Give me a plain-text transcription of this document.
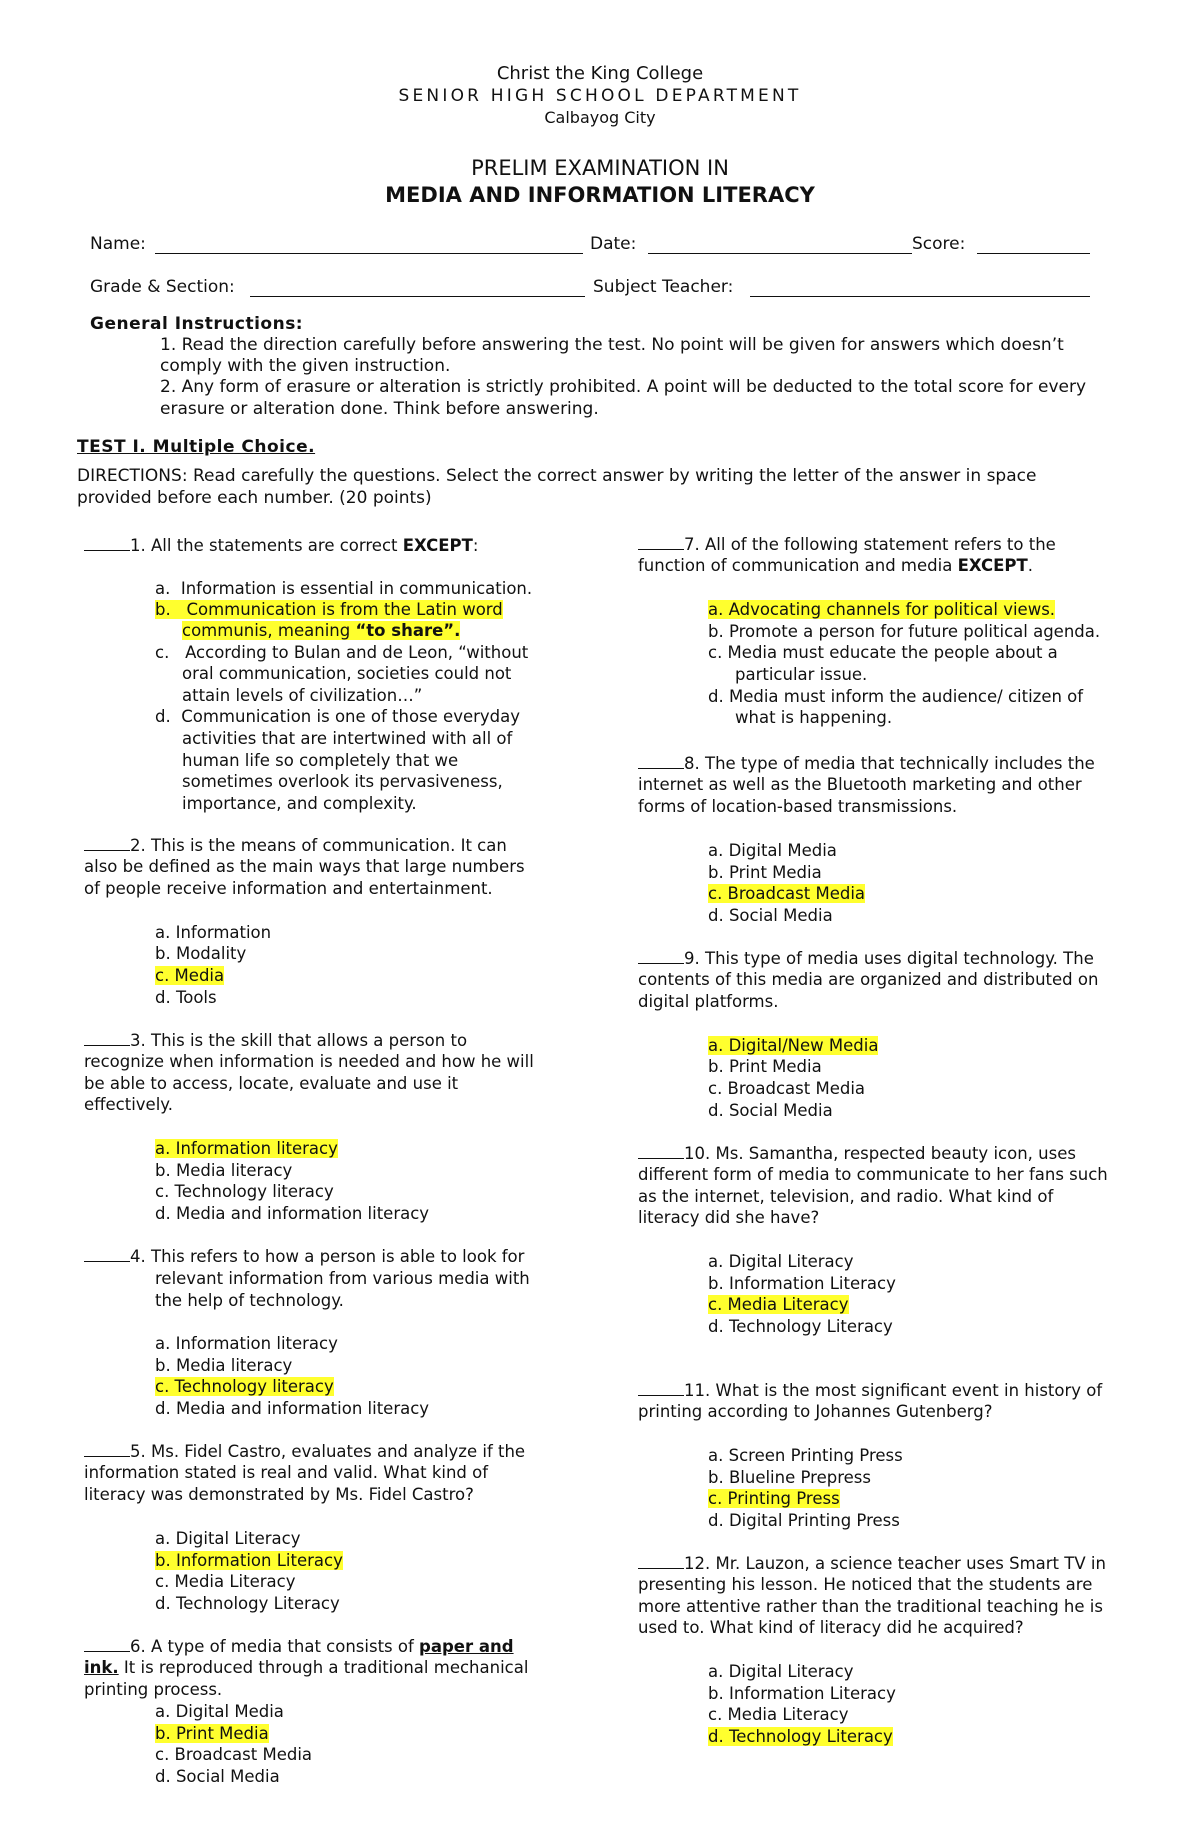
Christ the King College
SENIOR HIGH SCHOOL DEPARTMENT
Calbayog City
PRELIM EXAMINATION IN
MEDIA AND INFORMATION LITERACY
Name:	Date:	Score:
Grade & Section:	Subject Teacher:
General Instructions:
1. Read the direction carefully before answering the test. No point will be given for answers which doesn’t
comply with the given instruction.
2. Any form of erasure or alteration is strictly prohibited. A point will be deducted to the total score for every
erasure or alteration done. Think before answering.
TEST I. Multiple Choice.
DIRECTIONS: Read carefully the questions. Select the correct answer by writing the letter of the answer in space
provided before each number. (20 points)
1. All the statements are correct EXCEPT:
a.  Information is essential in communication.
b.   Communication is from the Latin word
communis, meaning “to share”.
c.   According to Bulan and de Leon, “without
oral communication, societies could not
attain levels of civilization…”
d.  Communication is one of those everyday
activities that are intertwined with all of
human life so completely that we
sometimes overlook its pervasiveness,
importance, and complexity.
2. This is the means of communication. It can
also be defined as the main ways that large numbers
of people receive information and entertainment.
a. Information
b. Modality
c. Media
d. Tools
3. This is the skill that allows a person to
recognize when information is needed and how he will
be able to access, locate, evaluate and use it
effectively.
a. Information literacy
b. Media literacy
c. Technology literacy
d. Media and information literacy
4. This refers to how a person is able to look for
relevant information from various media with
the help of technology.
a. Information literacy
b. Media literacy
c. Technology literacy
d. Media and information literacy
5. Ms. Fidel Castro, evaluates and analyze if the
information stated is real and valid. What kind of
literacy was demonstrated by Ms. Fidel Castro?
a. Digital Literacy
b. Information Literacy
c. Media Literacy
d. Technology Literacy
6. A type of media that consists of paper and
ink. It is reproduced through a traditional mechanical
printing process.
a. Digital Media
b. Print Media
c. Broadcast Media
d. Social Media
7. All of the following statement refers to the
function of communication and media EXCEPT.
a. Advocating channels for political views.
b. Promote a person for future political agenda.
c. Media must educate the people about a
particular issue.
d. Media must inform the audience/ citizen of
what is happening.
8. The type of media that technically includes the
internet as well as the Bluetooth marketing and other
forms of location-based transmissions.
a. Digital Media
b. Print Media
c. Broadcast Media
d. Social Media
9. This type of media uses digital technology. The
contents of this media are organized and distributed on
digital platforms.
a. Digital/New Media
b. Print Media
c. Broadcast Media
d. Social Media
10. Ms. Samantha, respected beauty icon, uses
different form of media to communicate to her fans such
as the internet, television, and radio. What kind of
literacy did she have?
a. Digital Literacy
b. Information Literacy
c. Media Literacy
d. Technology Literacy
11. What is the most significant event in history of
printing according to Johannes Gutenberg?
a. Screen Printing Press
b. Blueline Prepress
c. Printing Press
d. Digital Printing Press
12. Mr. Lauzon, a science teacher uses Smart TV in
presenting his lesson. He noticed that the students are
more attentive rather than the traditional teaching he is
used to. What kind of literacy did he acquired?
a. Digital Literacy
b. Information Literacy
c. Media Literacy
d. Technology Literacy
